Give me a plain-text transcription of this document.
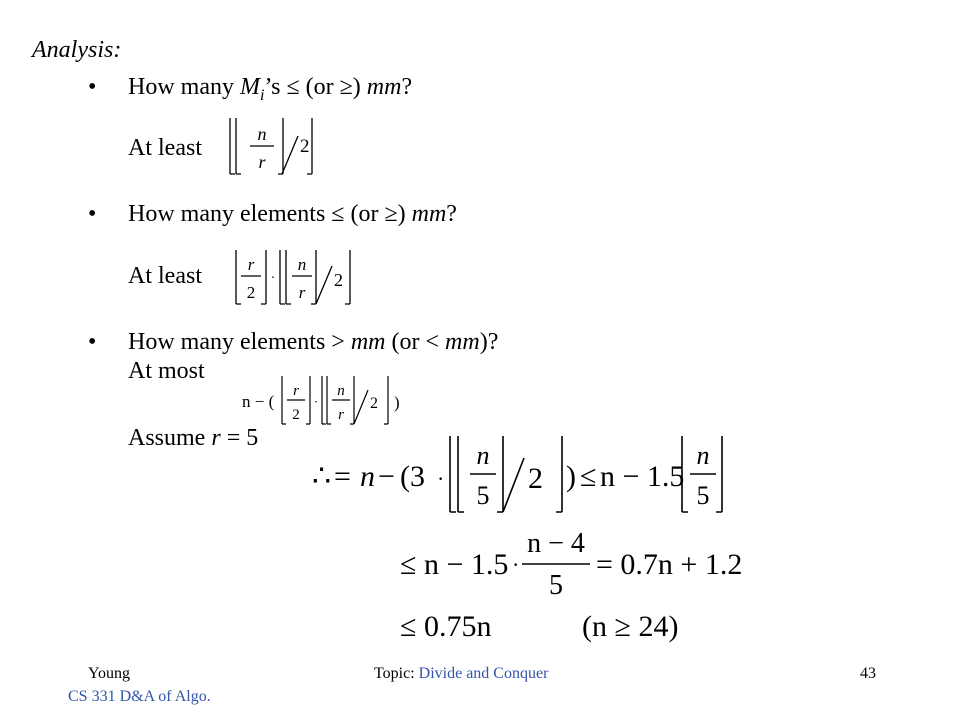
Analysis:
• How many $M_i’s \le (or$ ≥) mm?
At least
n
r
2
• How many elements ≤ (or ≥) mm?
At least	r
2
·
n
r
2
• How many elements > mm (or < mm)?
At most
n − (
r
2
·
n
r
2 )
Assume r = 5
∴ = n − (3 ·
n
5
2 ) ≤ n − 1.5
n
5
≤ n − 1.5 ·
n − 4
5
= 0.7n + 1.2
≤ 0.75n	(n ≥ 24)
Young	Topic: Divide and Conquer	43
CS 331 D&A of Algo.
